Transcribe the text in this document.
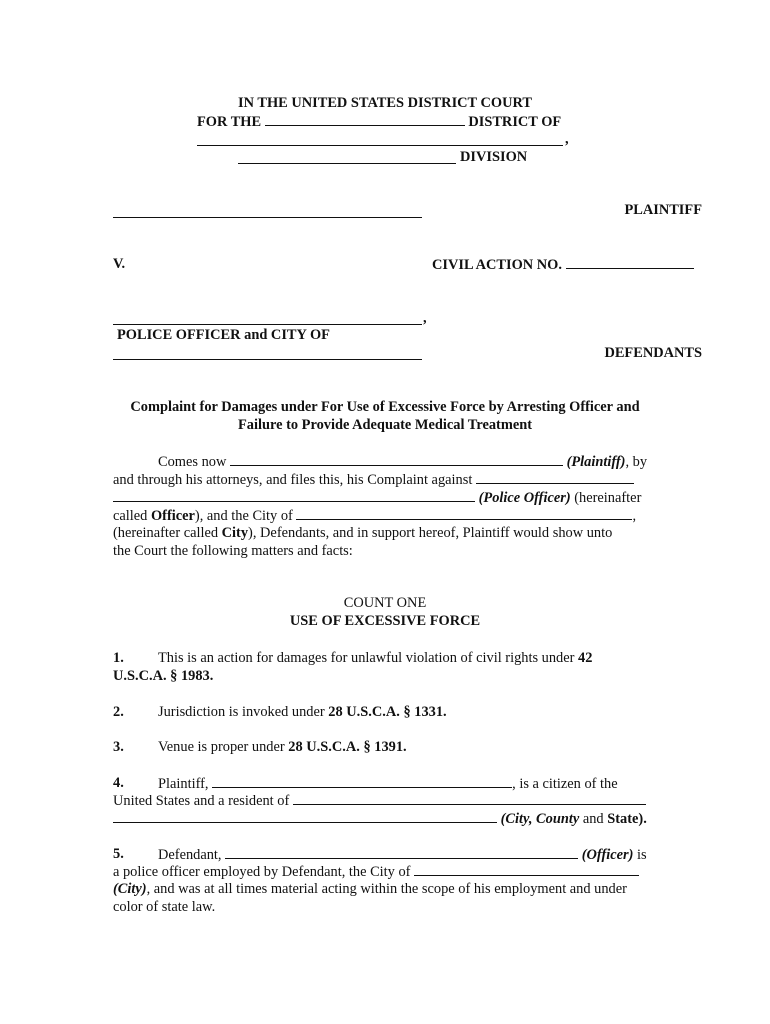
IN THE UNITED STATES DISTRICT COURT
FOR THE	DISTRICT OF
,
DIVISION
PLAINTIFF
V.	CIVIL ACTION NO.
,
POLICE OFFICER and CITY OF
DEFENDANTS
Complaint for Damages under For Use of Excessive Force by Arresting Officer and
Failure to Provide Adequate Medical Treatment
Comes now	(Plaintiff), by
and through his attorneys, and files this, his Complaint against
(Police Officer) (hereinafter
called Officer), and the City of	,
(hereinafter called City), Defendants, and in support hereof, Plaintiff would show unto
the Court the following matters and facts:
COUNT ONE
USE OF EXCESSIVE FORCE
1. This is an action for damages for unlawful violation of civil rights under 42
U.S.C.A. § 1983.
2. Jurisdiction is invoked under 28 U.S.C.A. § 1331.
3. Venue is proper under 28 U.S.C.A. § 1391.
4. Plaintiff,	, is a citizen of the
United States and a resident of
(City, County and State).
5. Defendant,	(Officer) is
a police officer employed by Defendant, the City of
(City), and was at all times material acting within the scope of his employment and under
color of state law.
